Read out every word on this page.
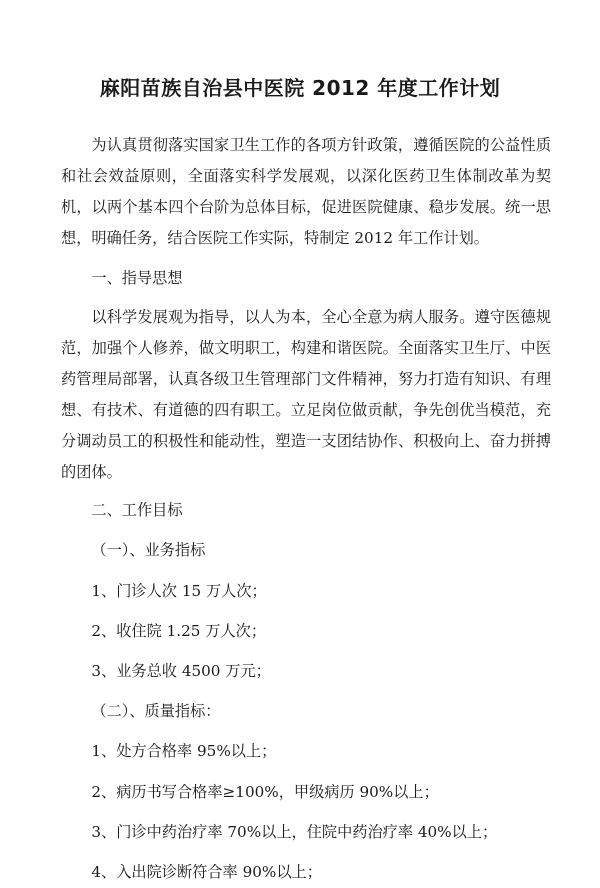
麻阳苗族自治县中医院 2012 年度工作计划

为认真贯彻落实国家卫生工作的各项方针政策，遵循医院的公益性质和社会效益原则，全面落实科学发展观，以深化医药卫生体制改革为契机，以两个基本四个台阶为总体目标，促进医院健康、稳步发展。统一思想，明确任务，结合医院工作实际，特制定 2012 年工作计划。

一、指导思想

以科学发展观为指导，以人为本，全心全意为病人服务。遵守医德规范，加强个人修养，做文明职工，构建和谐医院。全面落实卫生厅、中医药管理局部署，认真各级卫生管理部门文件精神，努力打造有知识、有理想、有技术、有道德的四有职工。立足岗位做贡献，争先创优当模范，充分调动员工的积极性和能动性，塑造一支团结协作、积极向上、奋力拼搏的团体。

二、工作目标

（一）、业务指标

1、门诊人次 15 万人次；

2、收住院 1.25 万人次；

3、业务总收 4500 万元；

（二）、质量指标：

1、处方合格率 95%以上；

2、病历书写合格率≥100%，甲级病历 90%以上；

3、门诊中药治疗率 70%以上，住院中药治疗率 40%以上；

4、入出院诊断符合率 90%以上；
